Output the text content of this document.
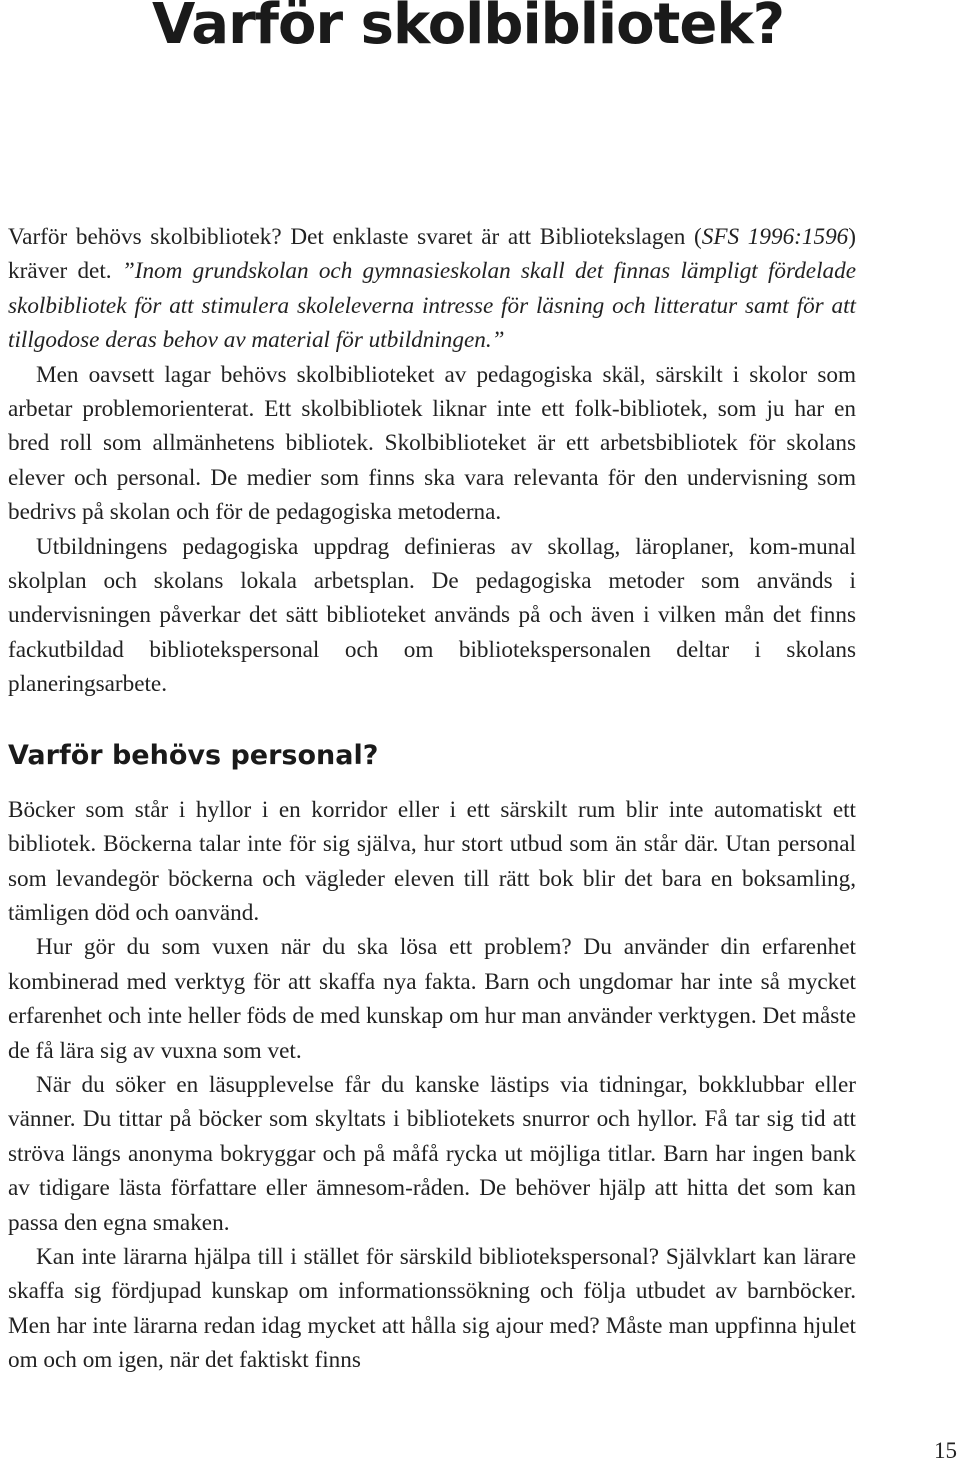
Varför skolbibliotek?

Varför behövs skolbibliotek? Det enklaste svaret är att Bibliotekslagen (SFS 1996:1596) kräver det. ”Inom grundskolan och gymnasieskolan skall det finnas lämpligt fördelade skolbibliotek för att stimulera skoleleverna intresse för läsning och litteratur samt för att tillgodose deras behov av material för utbildningen.”

Men oavsett lagar behövs skolbiblioteket av pedagogiska skäl, särskilt i skolor som arbetar problemorienterat. Ett skolbibliotek liknar inte ett folk-bibliotek, som ju har en bred roll som allmänhetens bibliotek. Skolbiblioteket är ett arbetsbibliotek för skolans elever och personal. De medier som finns ska vara relevanta för den undervisning som bedrivs på skolan och för de pedagogiska metoderna.

Utbildningens pedagogiska uppdrag definieras av skollag, läroplaner, kom-munal skolplan och skolans lokala arbetsplan. De pedagogiska metoder som används i undervisningen påverkar det sätt biblioteket används på och även i vilken mån det finns fackutbildad bibliotekspersonal och om bibliotekspersonalen deltar i skolans planeringsarbete.

Varför behövs personal?

Böcker som står i hyllor i en korridor eller i ett särskilt rum blir inte automatiskt ett bibliotek. Böckerna talar inte för sig själva, hur stort utbud som än står där. Utan personal som levandegör böckerna och vägleder eleven till rätt bok blir det bara en boksamling, tämligen död och oanvänd.

Hur gör du som vuxen när du ska lösa ett problem? Du använder din erfarenhet kombinerad med verktyg för att skaffa nya fakta. Barn och ungdomar har inte så mycket erfarenhet och inte heller föds de med kunskap om hur man använder verktygen. Det måste de få lära sig av vuxna som vet.

När du söker en läsupplevelse får du kanske lästips via tidningar, bokklubbar eller vänner. Du tittar på böcker som skyltats i bibliotekets snurror och hyllor. Få tar sig tid att ströva längs anonyma bokryggar och på måfå rycka ut möjliga titlar. Barn har ingen bank av tidigare lästa författare eller ämnesom-råden. De behöver hjälp att hitta det som kan passa den egna smaken.

Kan inte lärarna hjälpa till i stället för särskild bibliotekspersonal? Självklart kan lärare skaffa sig fördjupad kunskap om informationssökning och följa utbudet av barnböcker. Men har inte lärarna redan idag mycket att hålla sig ajour med? Måste man uppfinna hjulet om och om igen, när det faktiskt finns

15
